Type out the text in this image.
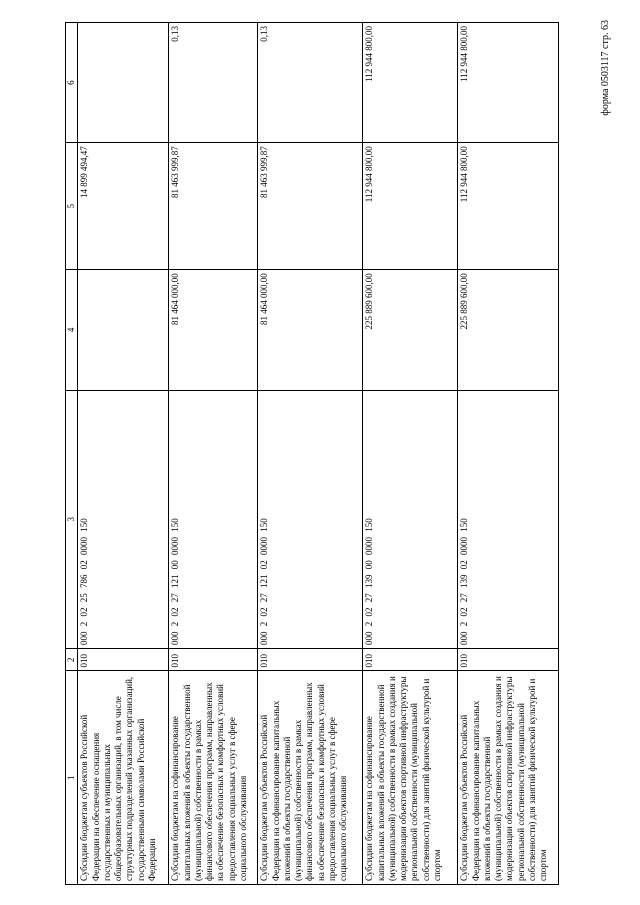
форма 0503117 стр. 63
1	2	3	4	5	6
Субсидии бюджетам субъектов Российской Федерации на обеспечение оснащения государственных и муниципальных общеобразовательных организаций, в том числе структурных подразделений указанных организаций, государственными символами Российской Федерации	010	000 2 02 25 786 02 0000 150		14 899 494,47	
Субсидии бюджетам на софинансирование капитальных вложений в объекты государственной (муниципальной) собственности в рамках финансового обеспечения программ, направленных на обеспечение безопасных и комфортных условий предоставления социальных услуг в сфере социального обслуживания	010	000 2 02 27 121 00 0000 150	81 464 000,00	81 463 999,87	0,13
Субсидии бюджетам субъектов Российской Федерации на софинансирование капитальных вложений в объекты государственной (муниципальной) собственности в рамках финансового обеспечения программ, направленных на обеспечение безопасных и комфортных условий предоставления социальных услуг в сфере социального обслуживания	010	000 2 02 27 121 02 0000 150	81 464 000,00	81 463 999,87	0,13
Субсидии бюджетам на софинансирование капитальных вложений в объекты государственной (муниципальной) собственности в рамках создания и модернизации объектов спортивной инфраструктуры региональной собственности (муниципальной собственности) для занятий физической культурой и спортом	010	000 2 02 27 139 00 0000 150	225 889 600,00	112 944 800,00	112 944 800,00
Субсидии бюджетам субъектов Российской Федерации на софинансирование капитальных вложений в объекты государственной (муниципальной) собственности в рамках создания и модернизации объектов спортивной инфраструктуры региональной собственности (муниципальной собственности) для занятий физической культурой и спортом	010	000 2 02 27 139 02 0000 150	225 889 600,00	112 944 800,00	112 944 800,00
